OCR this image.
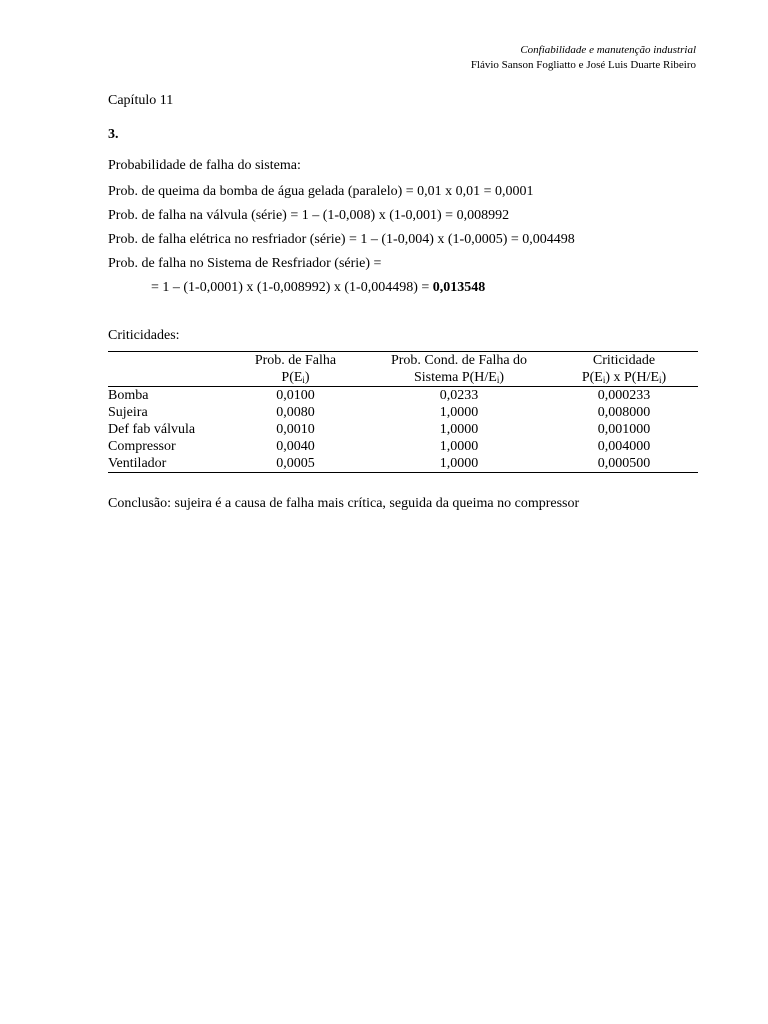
Confiabilidade e manutenção industrial
Flávio Sanson Fogliatto e José Luis Duarte Ribeiro
Capítulo 11
3.
Probabilidade de falha do sistema:
Prob. de queima da bomba de água gelada (paralelo) = 0,01 x 0,01 = 0,0001
Prob. de falha na válvula (série) = 1 – (1-0,008) x (1-0,001) = 0,008992
Prob. de falha elétrica no resfriador (série) = 1 – (1-0,004) x (1-0,0005) = 0,004498
Prob. de falha no Sistema de Resfriador (série) =
= 1 – (1-0,0001) x (1-0,008992) x (1-0,004498) = 0,013548
Criticidades:
	Prob. de Falha	Prob. Cond. de Falha do	Criticidade
	$P(E_i)$	Sistema $P(H/E_i)$	$P(E_i)$ x $P(H/E_i)$
Bomba	0,0100	0,0233	0,000233
Sujeira	0,0080	1,0000	0,008000
Def fab válvula	0,0010	1,0000	0,001000
Compressor	0,0040	1,0000	0,004000
Ventilador	0,0005	1,0000	0,000500
Conclusão: sujeira é a causa de falha mais crítica, seguida da queima no compressor
